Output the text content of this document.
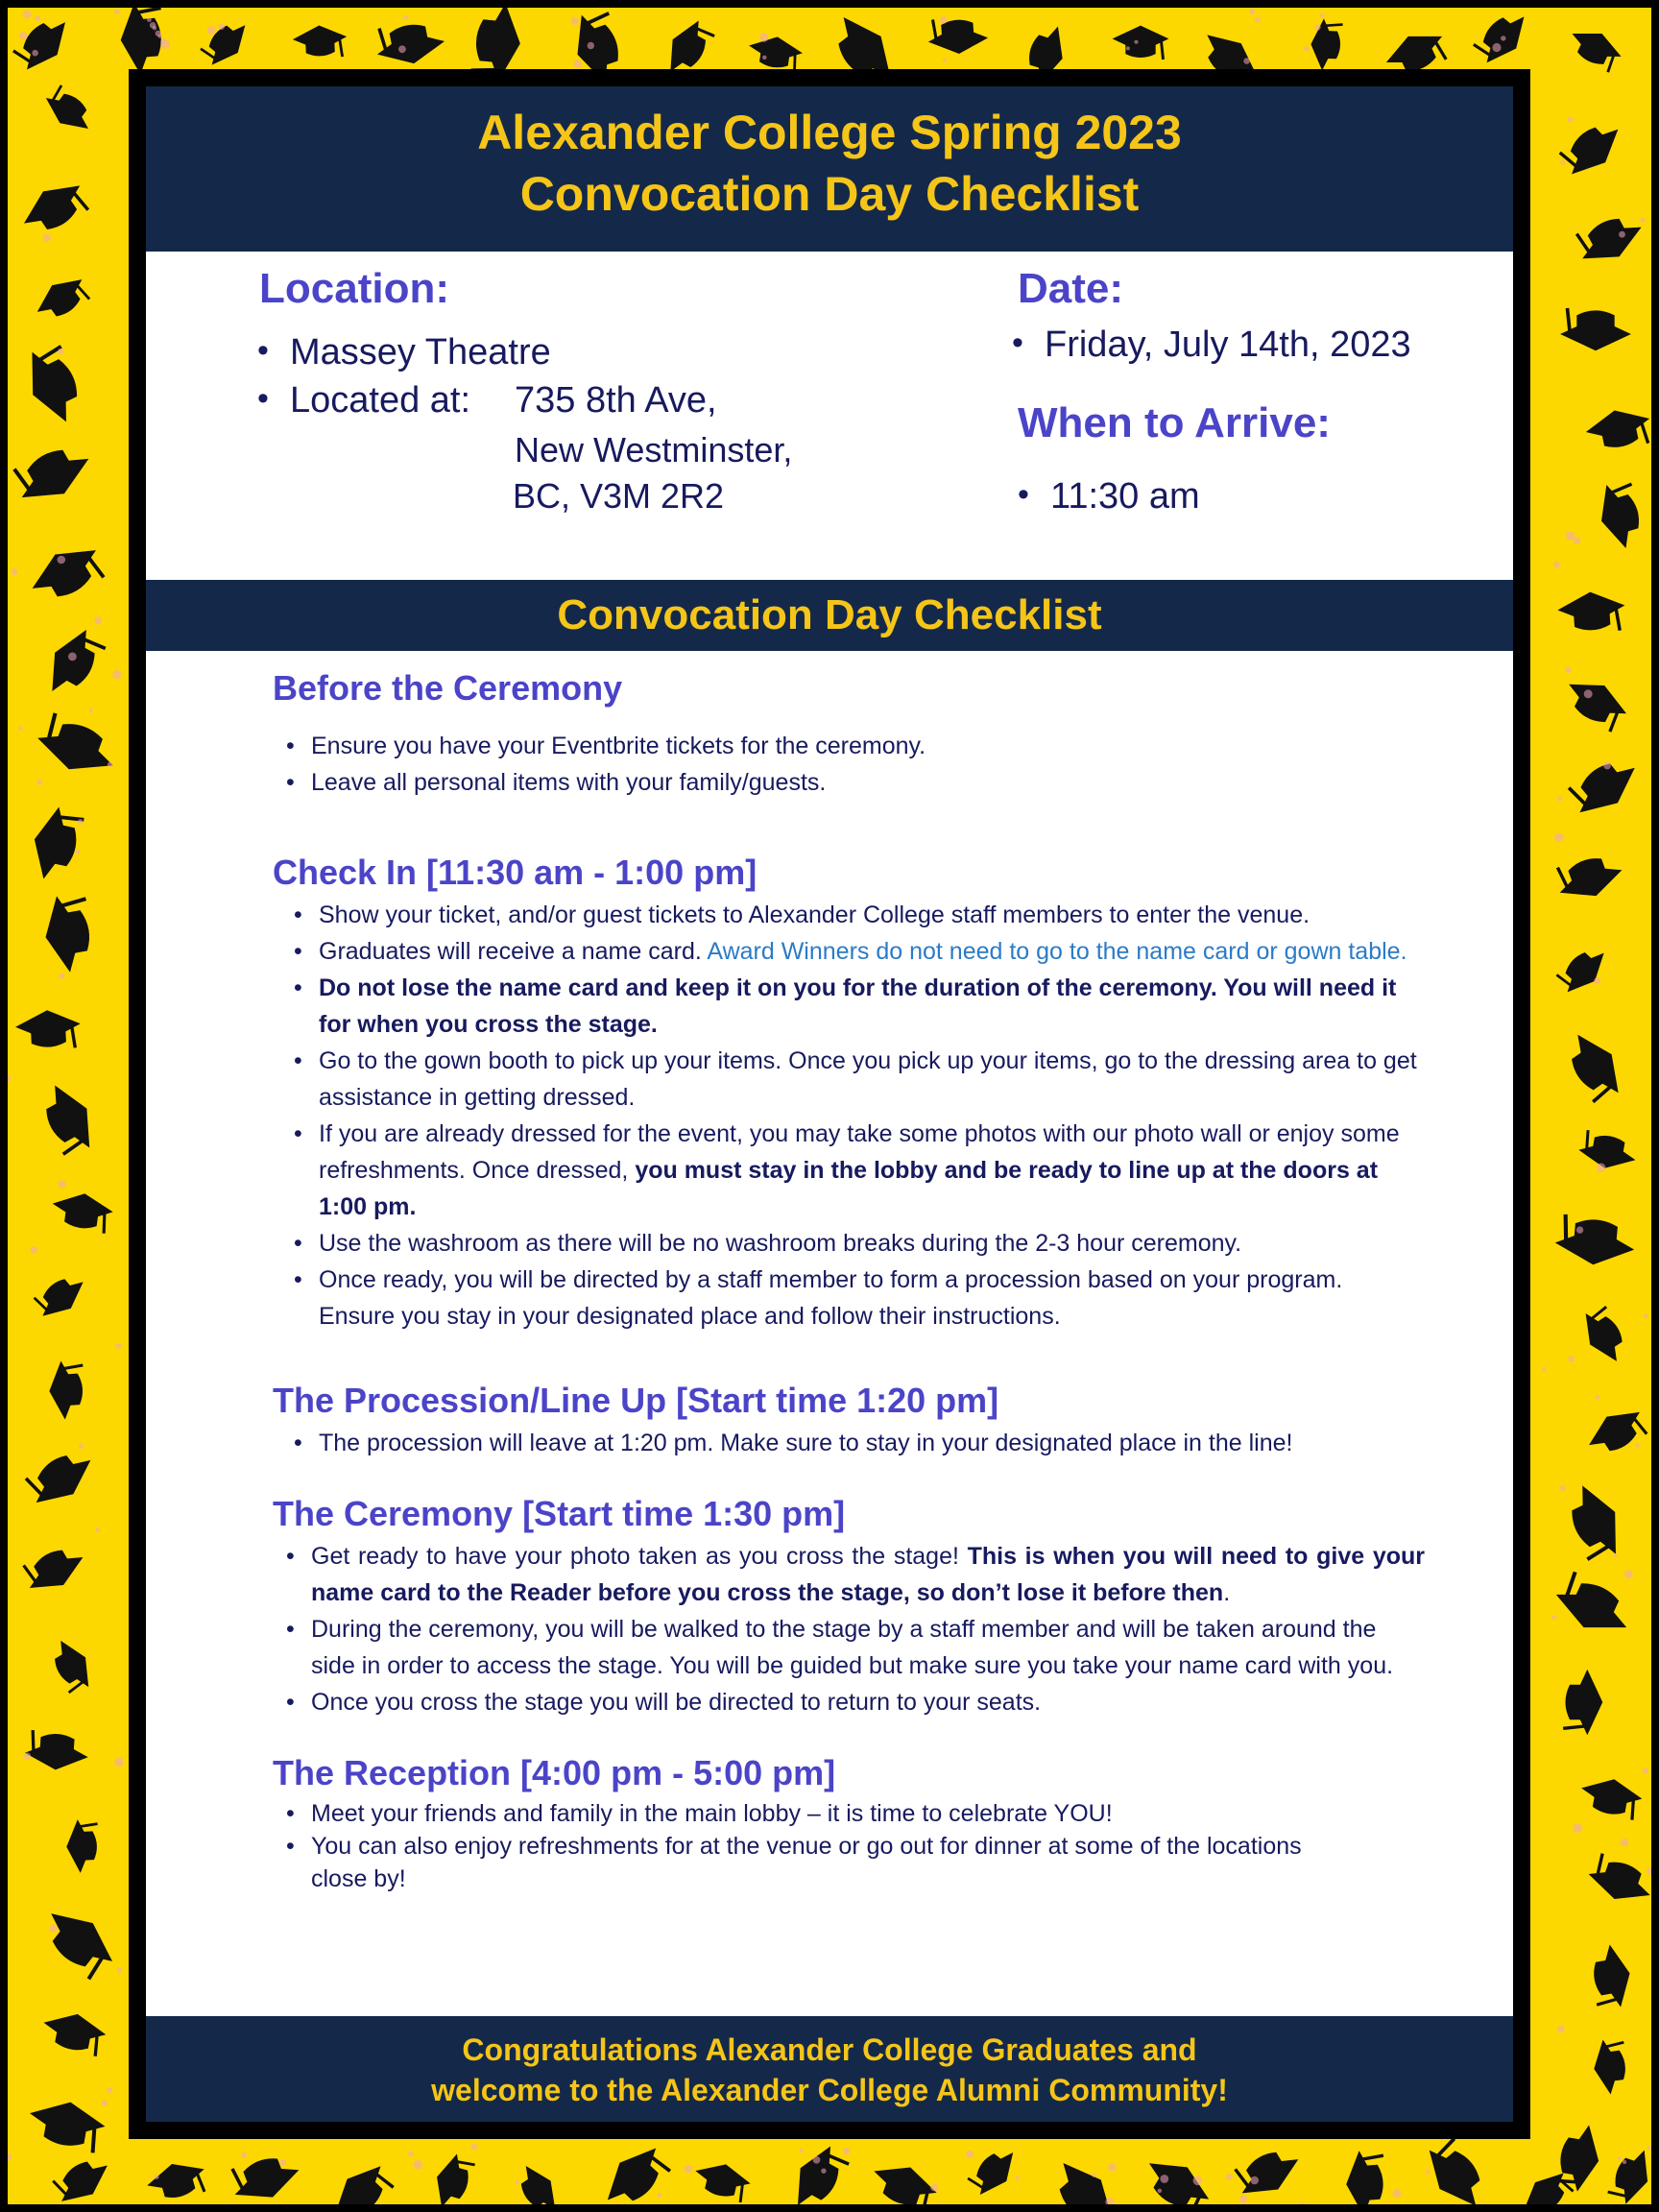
Alexander College Spring 2023
Convocation Day Checklist
Location:
• Massey Theatre
• Located at: 735 8th Ave,
New Westminster,
BC, V3M 2R2
Date:
• Friday, July 14th, 2023
When to Arrive:
• 11:30 am
Convocation Day Checklist
Before the Ceremony
• Ensure you have your Eventbrite tickets for the ceremony.
• Leave all personal items with your family/guests.
Check In [11:30 am - 1:00 pm]
• Show your ticket, and/or guest tickets to Alexander College staff members to enter the venue.
• Graduates will receive a name card. Award Winners do not need to go to the name card or gown table.
• Do not lose the name card and keep it on you for the duration of the ceremony. You will need it for when you cross the stage.
• Go to the gown booth to pick up your items. Once you pick up your items, go to the dressing area to get assistance in getting dressed.
• If you are already dressed for the event, you may take some photos with our photo wall or enjoy some refreshments. Once dressed, you must stay in the lobby and be ready to line up at the doors at 1:00 pm.
• Use the washroom as there will be no washroom breaks during the 2-3 hour ceremony.
• Once ready, you will be directed by a staff member to form a procession based on your program. Ensure you stay in your designated place and follow their instructions.
The Procession/Line Up [Start time 1:20 pm]
• The procession will leave at 1:20 pm. Make sure to stay in your designated place in the line!
The Ceremony [Start time 1:30 pm]
• Get ready to have your photo taken as you cross the stage! This is when you will need to give your name card to the Reader before you cross the stage, so don’t lose it before then.
• During the ceremony, you will be walked to the stage by a staff member and will be taken around the side in order to access the stage. You will be guided but make sure you take your name card with you.
• Once you cross the stage you will be directed to return to your seats.
The Reception [4:00 pm - 5:00 pm]
• Meet your friends and family in the main lobby – it is time to celebrate YOU!
• You can also enjoy refreshments for at the venue or go out for dinner at some of the locations close by!
Congratulations Alexander College Graduates and
welcome to the Alexander College Alumni Community!
